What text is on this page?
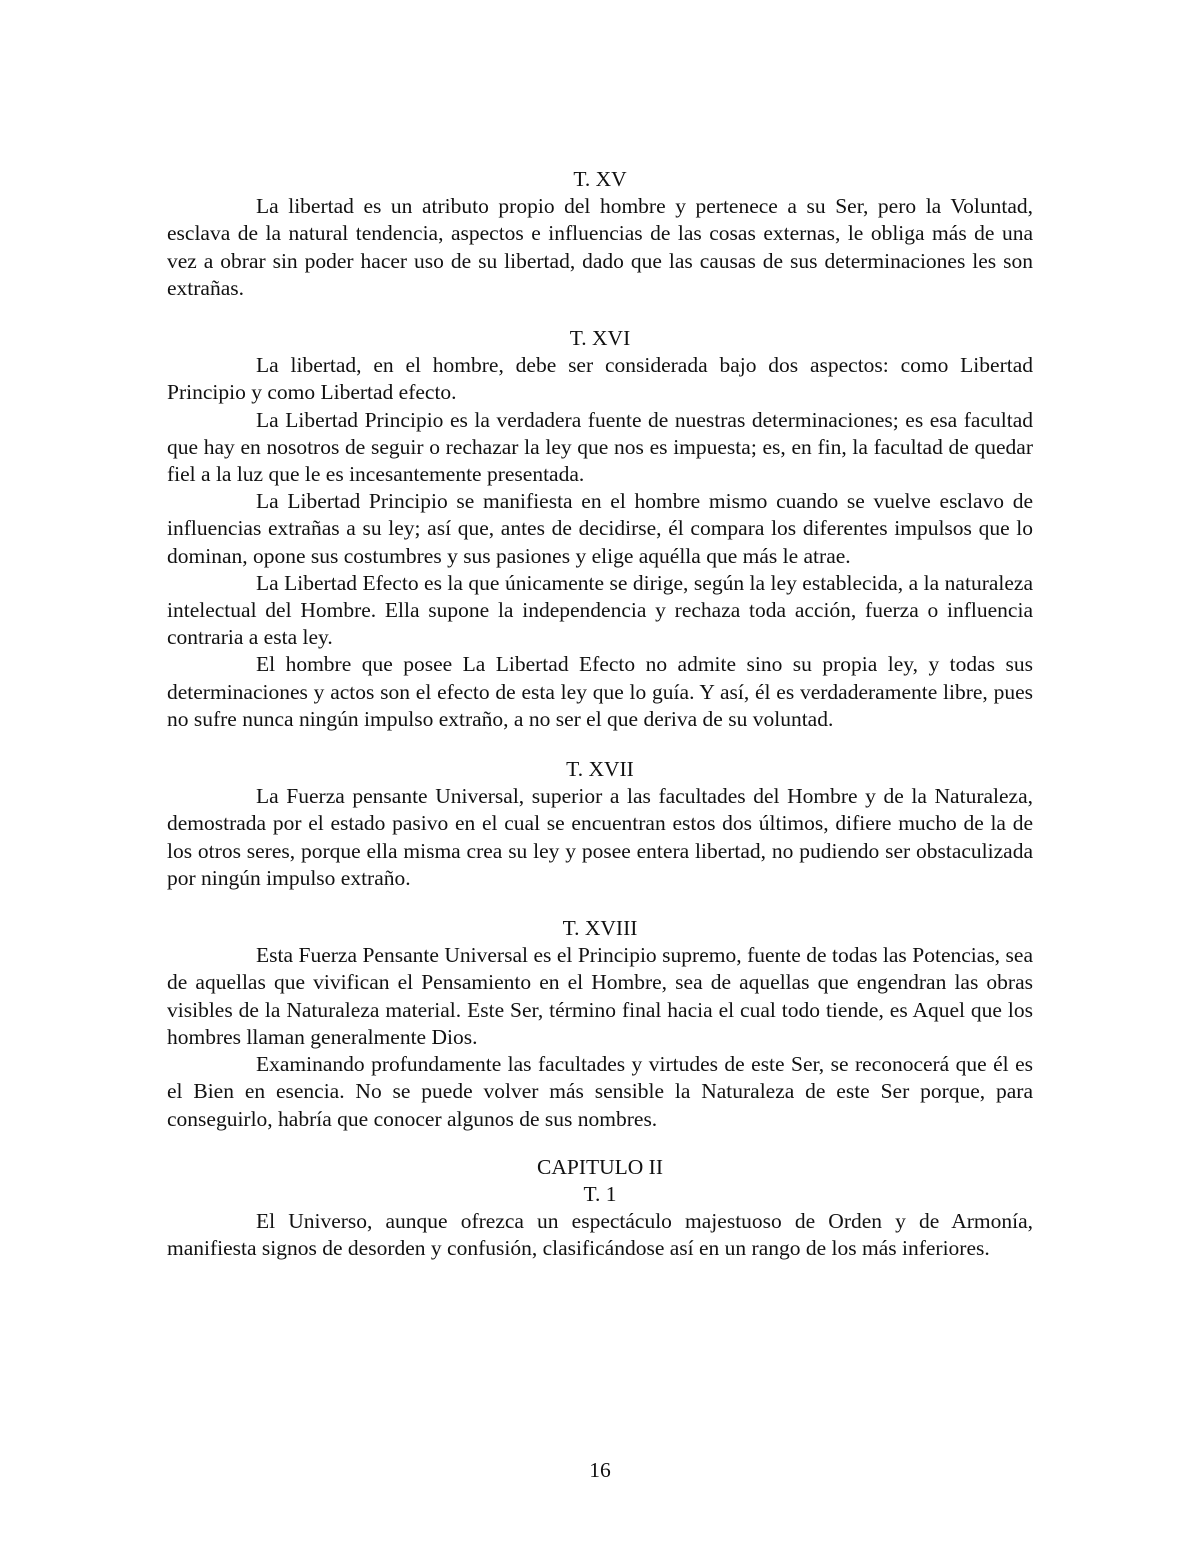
T. XV

La libertad es un atributo propio del hombre y pertenece a su Ser, pero la Voluntad, esclava de la natural tendencia, aspectos e influencias de las cosas externas, le obliga más de una vez a obrar sin poder hacer uso de su libertad, dado que las causas de sus determinaciones les son extrañas.

T. XVI

La libertad, en el hombre, debe ser considerada bajo dos aspectos: como Libertad Principio y como Libertad efecto.

La Libertad Principio es la verdadera fuente de nuestras determinaciones; es esa facultad que hay en nosotros de seguir o rechazar la ley que nos es impuesta; es, en fin, la facultad de quedar fiel a la luz que le es incesantemente presentada.

La Libertad Principio se manifiesta en el hombre mismo cuando se vuelve esclavo de influencias extrañas a su ley; así que, antes de decidirse, él compara los diferentes impulsos que lo dominan, opone sus costumbres y sus pasiones y elige aquélla que más le atrae.

La Libertad Efecto es la que únicamente se dirige, según la ley establecida, a la naturaleza intelectual del Hombre. Ella supone la independencia y rechaza toda acción, fuerza o influencia contraria a esta ley.

El hombre que posee La Libertad Efecto no admite sino su propia ley, y todas sus determinaciones y actos son el efecto de esta ley que lo guía. Y así, él es verdaderamente libre, pues no sufre nunca ningún impulso extraño, a no ser el que deriva de su voluntad.

T. XVII

La Fuerza pensante Universal, superior a las facultades del Hombre y de la Naturaleza, demostrada por el estado pasivo en el cual se encuentran estos dos últimos, difiere mucho de la de los otros seres, porque ella misma crea su ley y posee entera libertad, no pudiendo ser obstaculizada por ningún impulso extraño.

T. XVIII

Esta Fuerza Pensante Universal es el Principio supremo, fuente de todas las Potencias, sea de aquellas que vivifican el Pensamiento en el Hombre, sea de aquellas que engendran las obras visibles de la Naturaleza material. Este Ser, término final hacia el cual todo tiende, es Aquel que los hombres llaman generalmente Dios.

Examinando profundamente las facultades y virtudes de este Ser, se reconocerá que él es el Bien en esencia. No se puede volver más sensible la Naturaleza de este Ser porque, para conseguirlo, habría que conocer algunos de sus nombres.

CAPITULO II
T. 1

El Universo, aunque ofrezca un espectáculo majestuoso de Orden y de Armonía, manifiesta signos de desorden y confusión, clasificándose así en un rango de los más inferiores.

16
